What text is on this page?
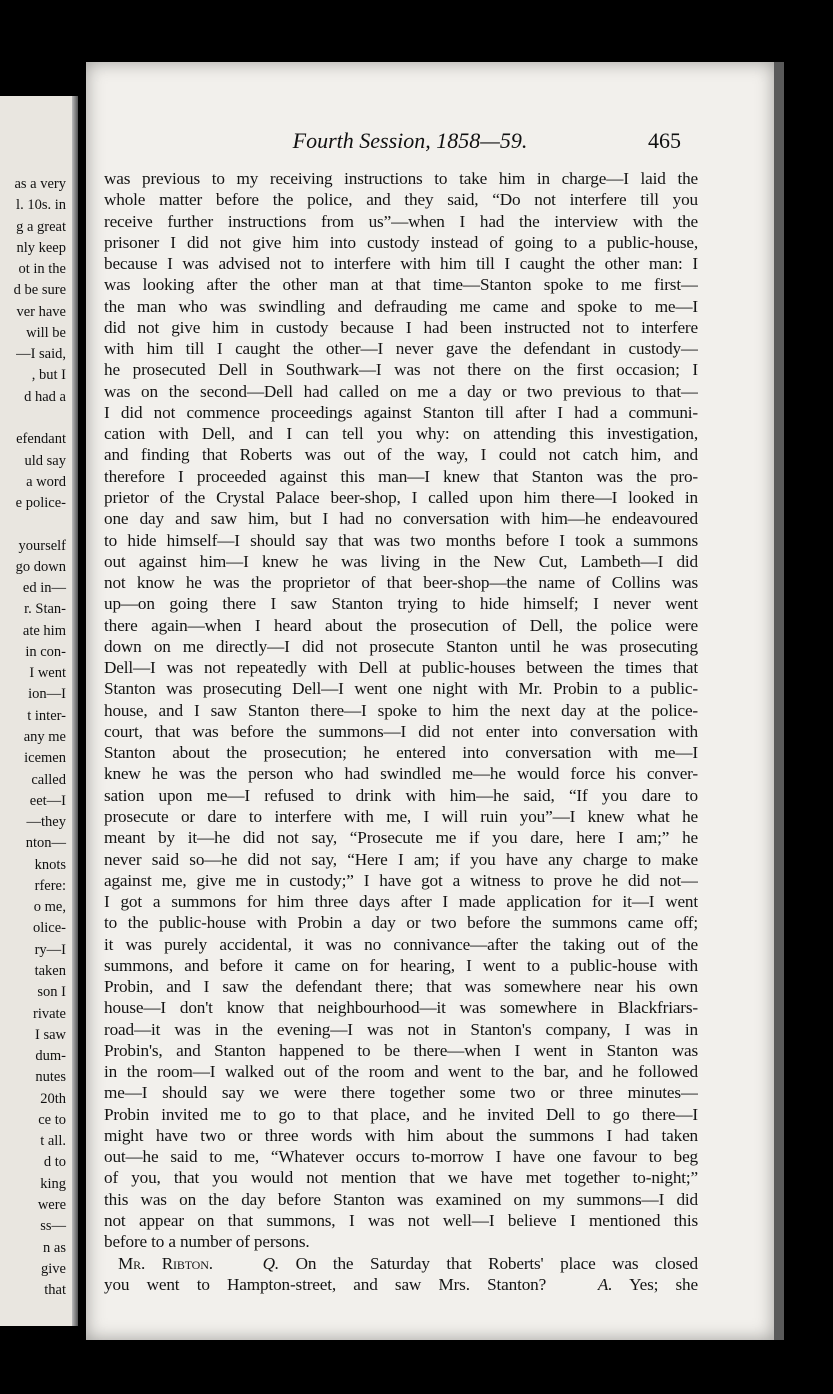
as a very
l. 10s. in
g a great
nly keep
ot in the
d be sure
ver have
will be
—I said,
, but I
d had a
efendant
uld say
a word
e police-
yourself
go down
ed in—
r. Stan-
ate him
in con-
I went
ion—I
t inter-
any me
icemen
called
eet—I
—they
nton—
knots
rfere:
o me,
olice-
ry—I
taken
son I
rivate
I saw
dum-
nutes
20th
ce to
t all.
d to
king
were
ss—
n as
give
that
Fourth Session, 1858—59.	465
was previous to my receiving instructions to take him in charge—I laid the
whole matter before the police, and they said, “Do not interfere till you
receive further instructions from us”—when I had the interview with the
prisoner I did not give him into custody instead of going to a public-house,
because I was advised not to interfere with him till I caught the other man: I
was looking after the other man at that time—Stanton spoke to me first—
the man who was swindling and defrauding me came and spoke to me—I
did not give him in custody because I had been instructed not to interfere
with him till I caught the other—I never gave the defendant in custody—
he prosecuted Dell in Southwark—I was not there on the first occasion; I
was on the second—Dell had called on me a day or two previous to that—
I did not commence proceedings against Stanton till after I had a communi-
cation with Dell, and I can tell you why: on attending this investigation,
and finding that Roberts was out of the way, I could not catch him, and
therefore I proceeded against this man—I knew that Stanton was the pro-
prietor of the Crystal Palace beer-shop, I called upon him there—I looked in
one day and saw him, but I had no conversation with him—he endeavoured
to hide himself—I should say that was two months before I took a summons
out against him—I knew he was living in the New Cut, Lambeth—I did
not know he was the proprietor of that beer-shop—the name of Collins was
up—on going there I saw Stanton trying to hide himself; I never went
there again—when I heard about the prosecution of Dell, the police were
down on me directly—I did not prosecute Stanton until he was prosecuting
Dell—I was not repeatedly with Dell at public-houses between the times that
Stanton was prosecuting Dell—I went one night with Mr. Probin to a public-
house, and I saw Stanton there—I spoke to him the next day at the police-
court, that was before the summons—I did not enter into conversation with
Stanton about the prosecution; he entered into conversation with me—I
knew he was the person who had swindled me—he would force his conver-
sation upon me—I refused to drink with him—he said, “If you dare to
prosecute or dare to interfere with me, I will ruin you”—I knew what he
meant by it—he did not say, “Prosecute me if you dare, here I am;” he
never said so—he did not say, “Here I am; if you have any charge to make
against me, give me in custody;” I have got a witness to prove he did not—
I got a summons for him three days after I made application for it—I went
to the public-house with Probin a day or two before the summons came off;
it was purely accidental, it was no connivance—after the taking out of the
summons, and before it came on for hearing, I went to a public-house with
Probin, and I saw the defendant there; that was somewhere near his own
house—I don't know that neighbourhood—it was somewhere in Blackfriars-
road—it was in the evening—I was not in Stanton's company, I was in
Probin's, and Stanton happened to be there—when I went in Stanton was
in the room—I walked out of the room and went to the bar, and he followed
me—I should say we were there together some two or three minutes—
Probin invited me to go to that place, and he invited Dell to go there—I
might have two or three words with him about the summons I had taken
out—he said to me, “Whatever occurs to-morrow I have one favour to beg
of you, that you would not mention that we have met together to-night;”
this was on the day before Stanton was examined on my summons—I did
not appear on that summons, I was not well—I believe I mentioned this
before to a number of persons.
Mr. Ribton.	Q. On the Saturday that Roberts' place was closed
you went to Hampton-street, and saw Mrs. Stanton?	A. Yes; she
